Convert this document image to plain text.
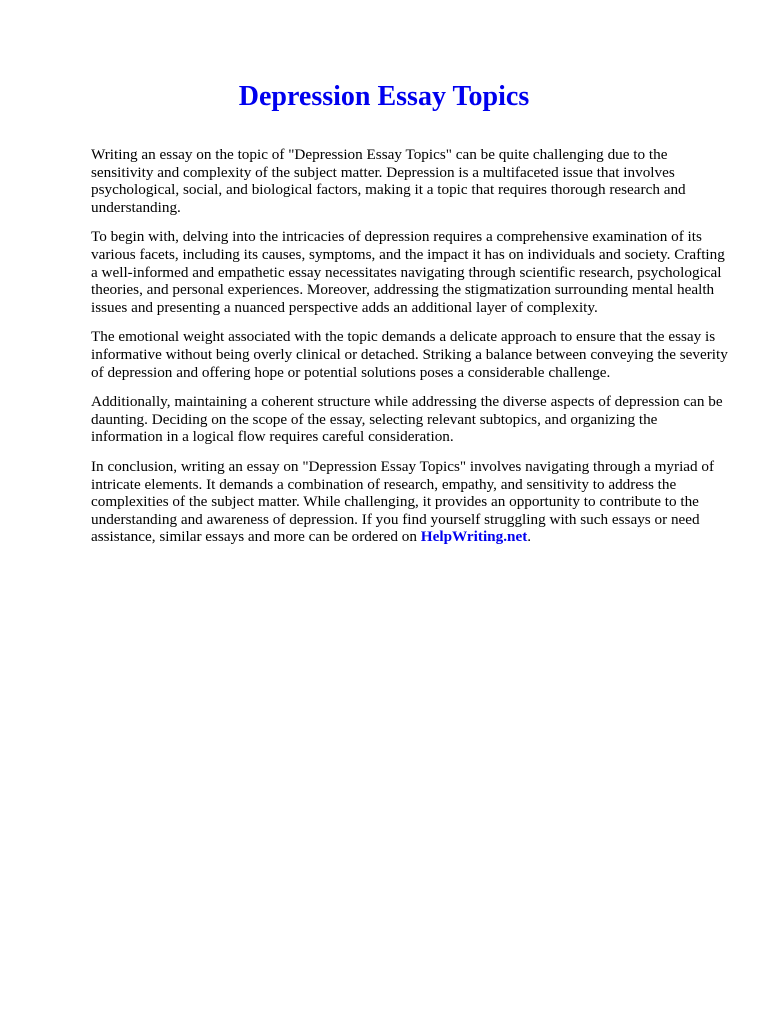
Depression Essay Topics

Writing an essay on the topic of "Depression Essay Topics" can be quite challenging due to the sensitivity and complexity of the subject matter. Depression is a multifaceted issue that involves psychological, social, and biological factors, making it a topic that requires thorough research and understanding.

To begin with, delving into the intricacies of depression requires a comprehensive examination of its various facets, including its causes, symptoms, and the impact it has on individuals and society. Crafting a well-informed and empathetic essay necessitates navigating through scientific research, psychological theories, and personal experiences. Moreover, addressing the stigmatization surrounding mental health issues and presenting a nuanced perspective adds an additional layer of complexity.

The emotional weight associated with the topic demands a delicate approach to ensure that the essay is informative without being overly clinical or detached. Striking a balance between conveying the severity of depression and offering hope or potential solutions poses a considerable challenge.

Additionally, maintaining a coherent structure while addressing the diverse aspects of depression can be daunting. Deciding on the scope of the essay, selecting relevant subtopics, and organizing the information in a logical flow requires careful consideration.

In conclusion, writing an essay on "Depression Essay Topics" involves navigating through a myriad of intricate elements. It demands a combination of research, empathy, and sensitivity to address the complexities of the subject matter. While challenging, it provides an opportunity to contribute to the understanding and awareness of depression. If you find yourself struggling with such essays or need assistance, similar essays and more can be ordered on HelpWriting.net.
